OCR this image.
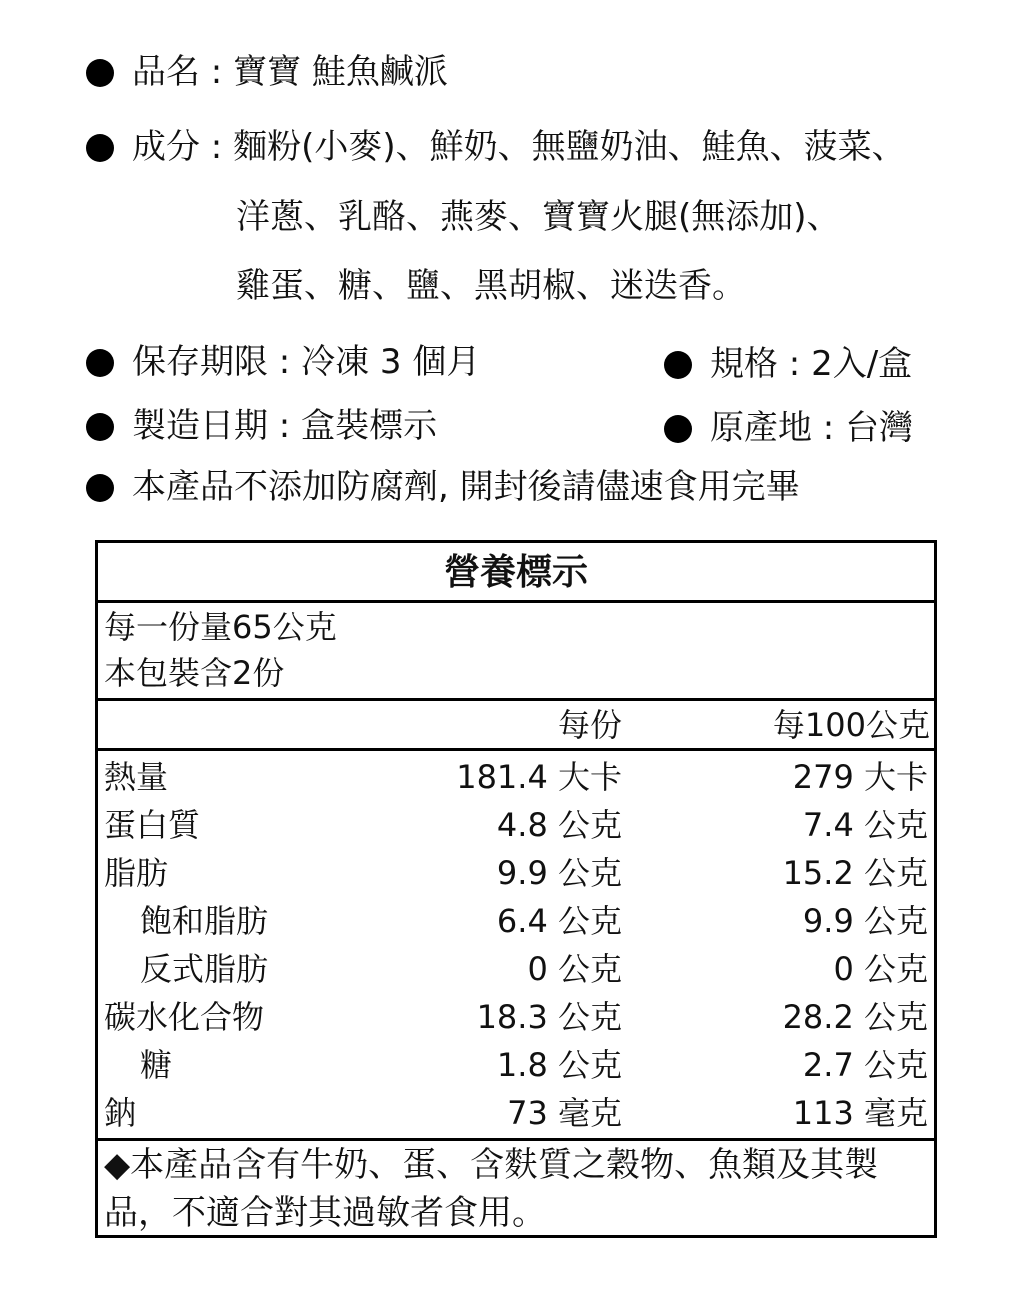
品名 : 寶寶 鮭魚鹹派
成分 : 麵粉(小麥)、鮮奶、無鹽奶油、鮭魚、菠菜、
洋蔥、乳酪、燕麥、寶寶火腿(無添加)、
雞蛋、糖、鹽、黑胡椒、迷迭香。
保存期限 : 冷凍 3 個月	規格 : 2入/盒
製造日期 : 盒裝標示	原產地 : 台灣
本產品不添加防腐劑, 開封後請儘速食用完畢
營養標示
每一份量65公克
本包裝含2份
每份	每100公克
熱量	181.4 大卡	279 大卡
蛋白質	4.8 公克	7.4 公克
脂肪	9.9 公克	15.2 公克
飽和脂肪	6.4 公克	9.9 公克
反式脂肪	0 公克	0 公克
碳水化合物	18.3 公克	28.2 公克
糖	1.8 公克	2.7 公克
鈉	73 毫克	113 毫克
◆本產品含有牛奶、蛋、含麩質之穀物、魚類及其製品，不適合對其過敏者食用。
